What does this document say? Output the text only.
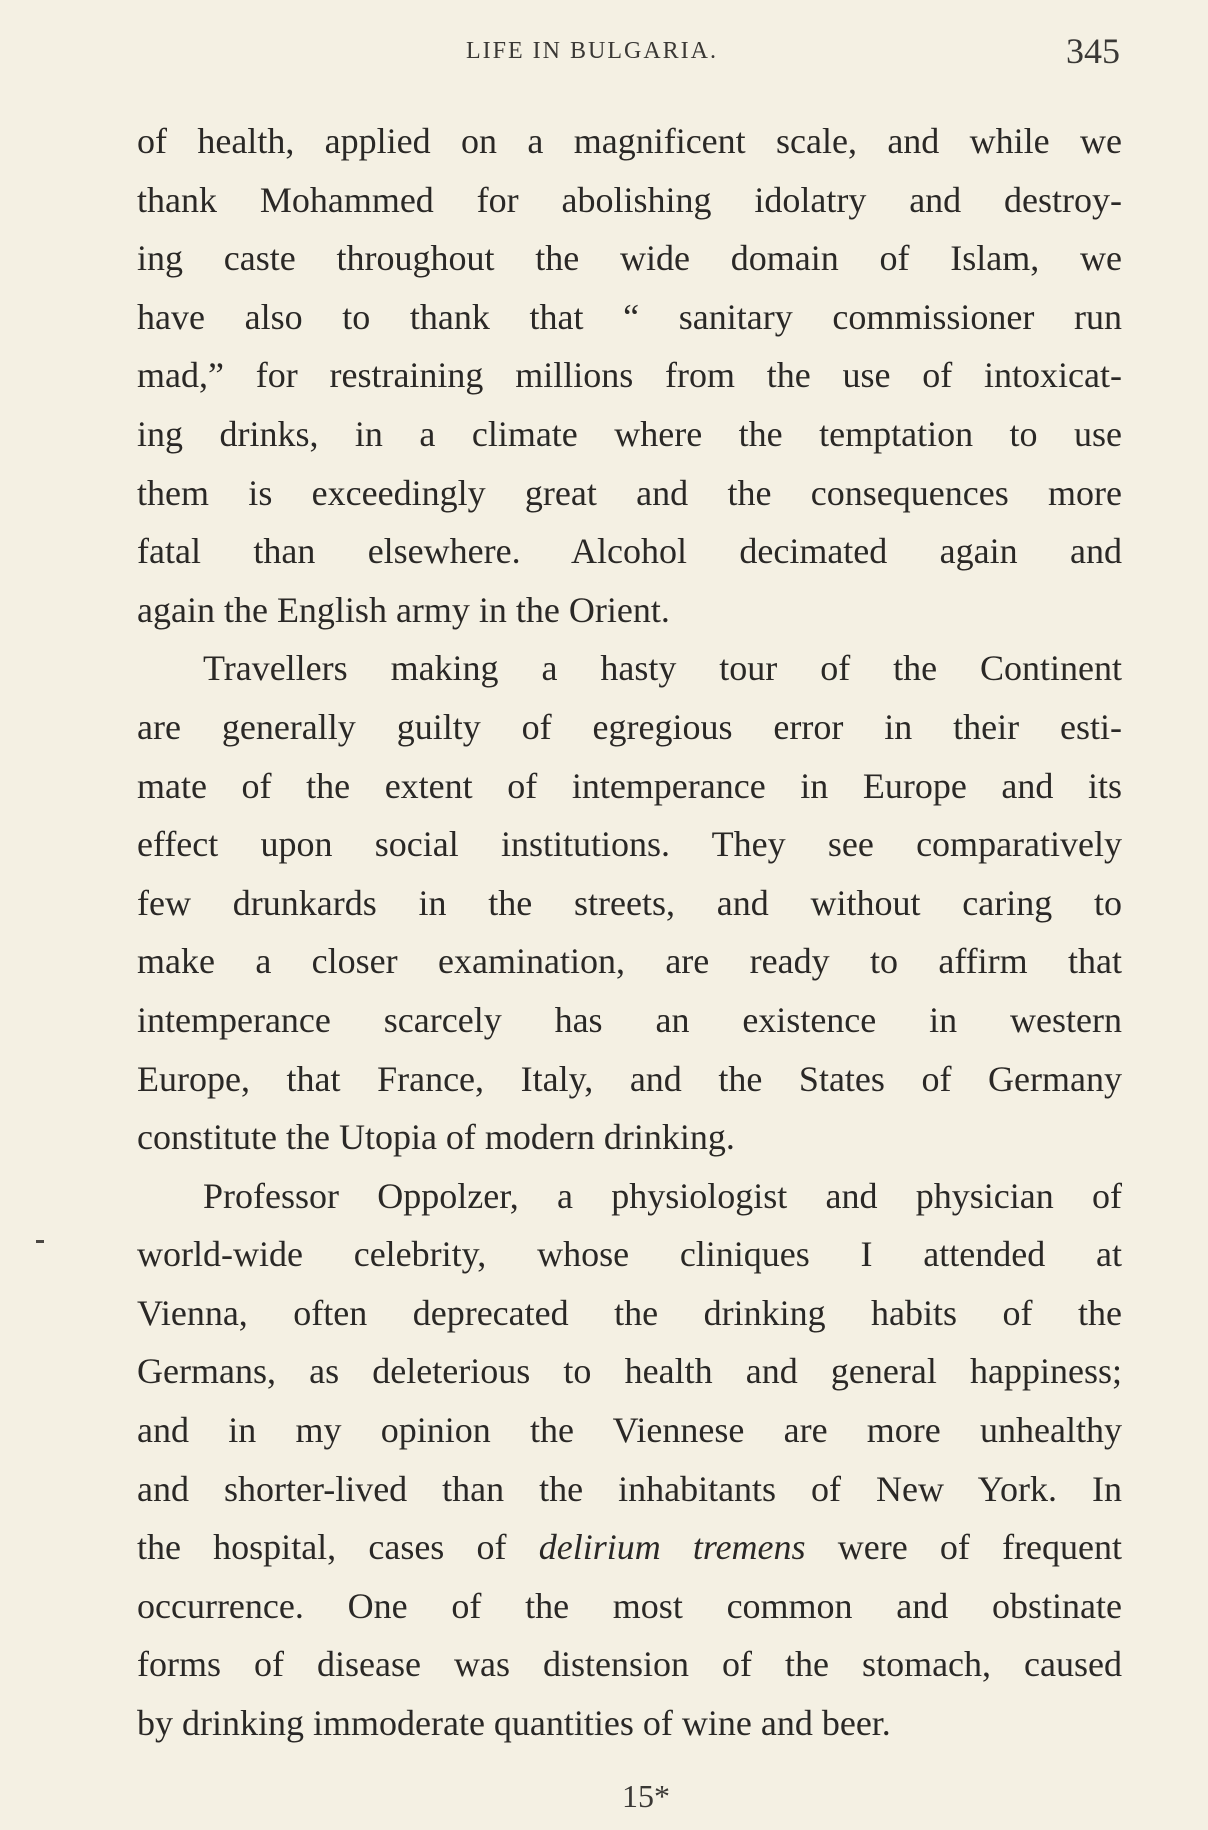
LIFE IN BULGARIA.	345
of health, applied on a magnificent scale, and while we
thank Mohammed for abolishing idolatry and destroy-
ing caste throughout the wide domain of Islam, we
have also to thank that “ sanitary commissioner run
mad,” for restraining millions from the use of intoxicat-
ing drinks, in a climate where the temptation to use
them is exceedingly great and the consequences more
fatal than elsewhere. Alcohol decimated again and
again the English army in the Orient.
Travellers making a hasty tour of the Continent
are generally guilty of egregious error in their esti-
mate of the extent of intemperance in Europe and its
effect upon social institutions. They see comparatively
few drunkards in the streets, and without caring to
make a closer examination, are ready to affirm that
intemperance scarcely has an existence in western
Europe, that France, Italy, and the States of Germany
constitute the Utopia of modern drinking.
Professor Oppolzer, a physiologist and physician of
world-wide celebrity, whose cliniques I attended at
Vienna, often deprecated the drinking habits of the
Germans, as deleterious to health and general happiness;
and in my opinion the Viennese are more unhealthy
and shorter-lived than the inhabitants of New York. In
the hospital, cases of delirium tremens were of frequent
occurrence. One of the most common and obstinate
forms of disease was distension of the stomach, caused
by drinking immoderate quantities of wine and beer.
15*
